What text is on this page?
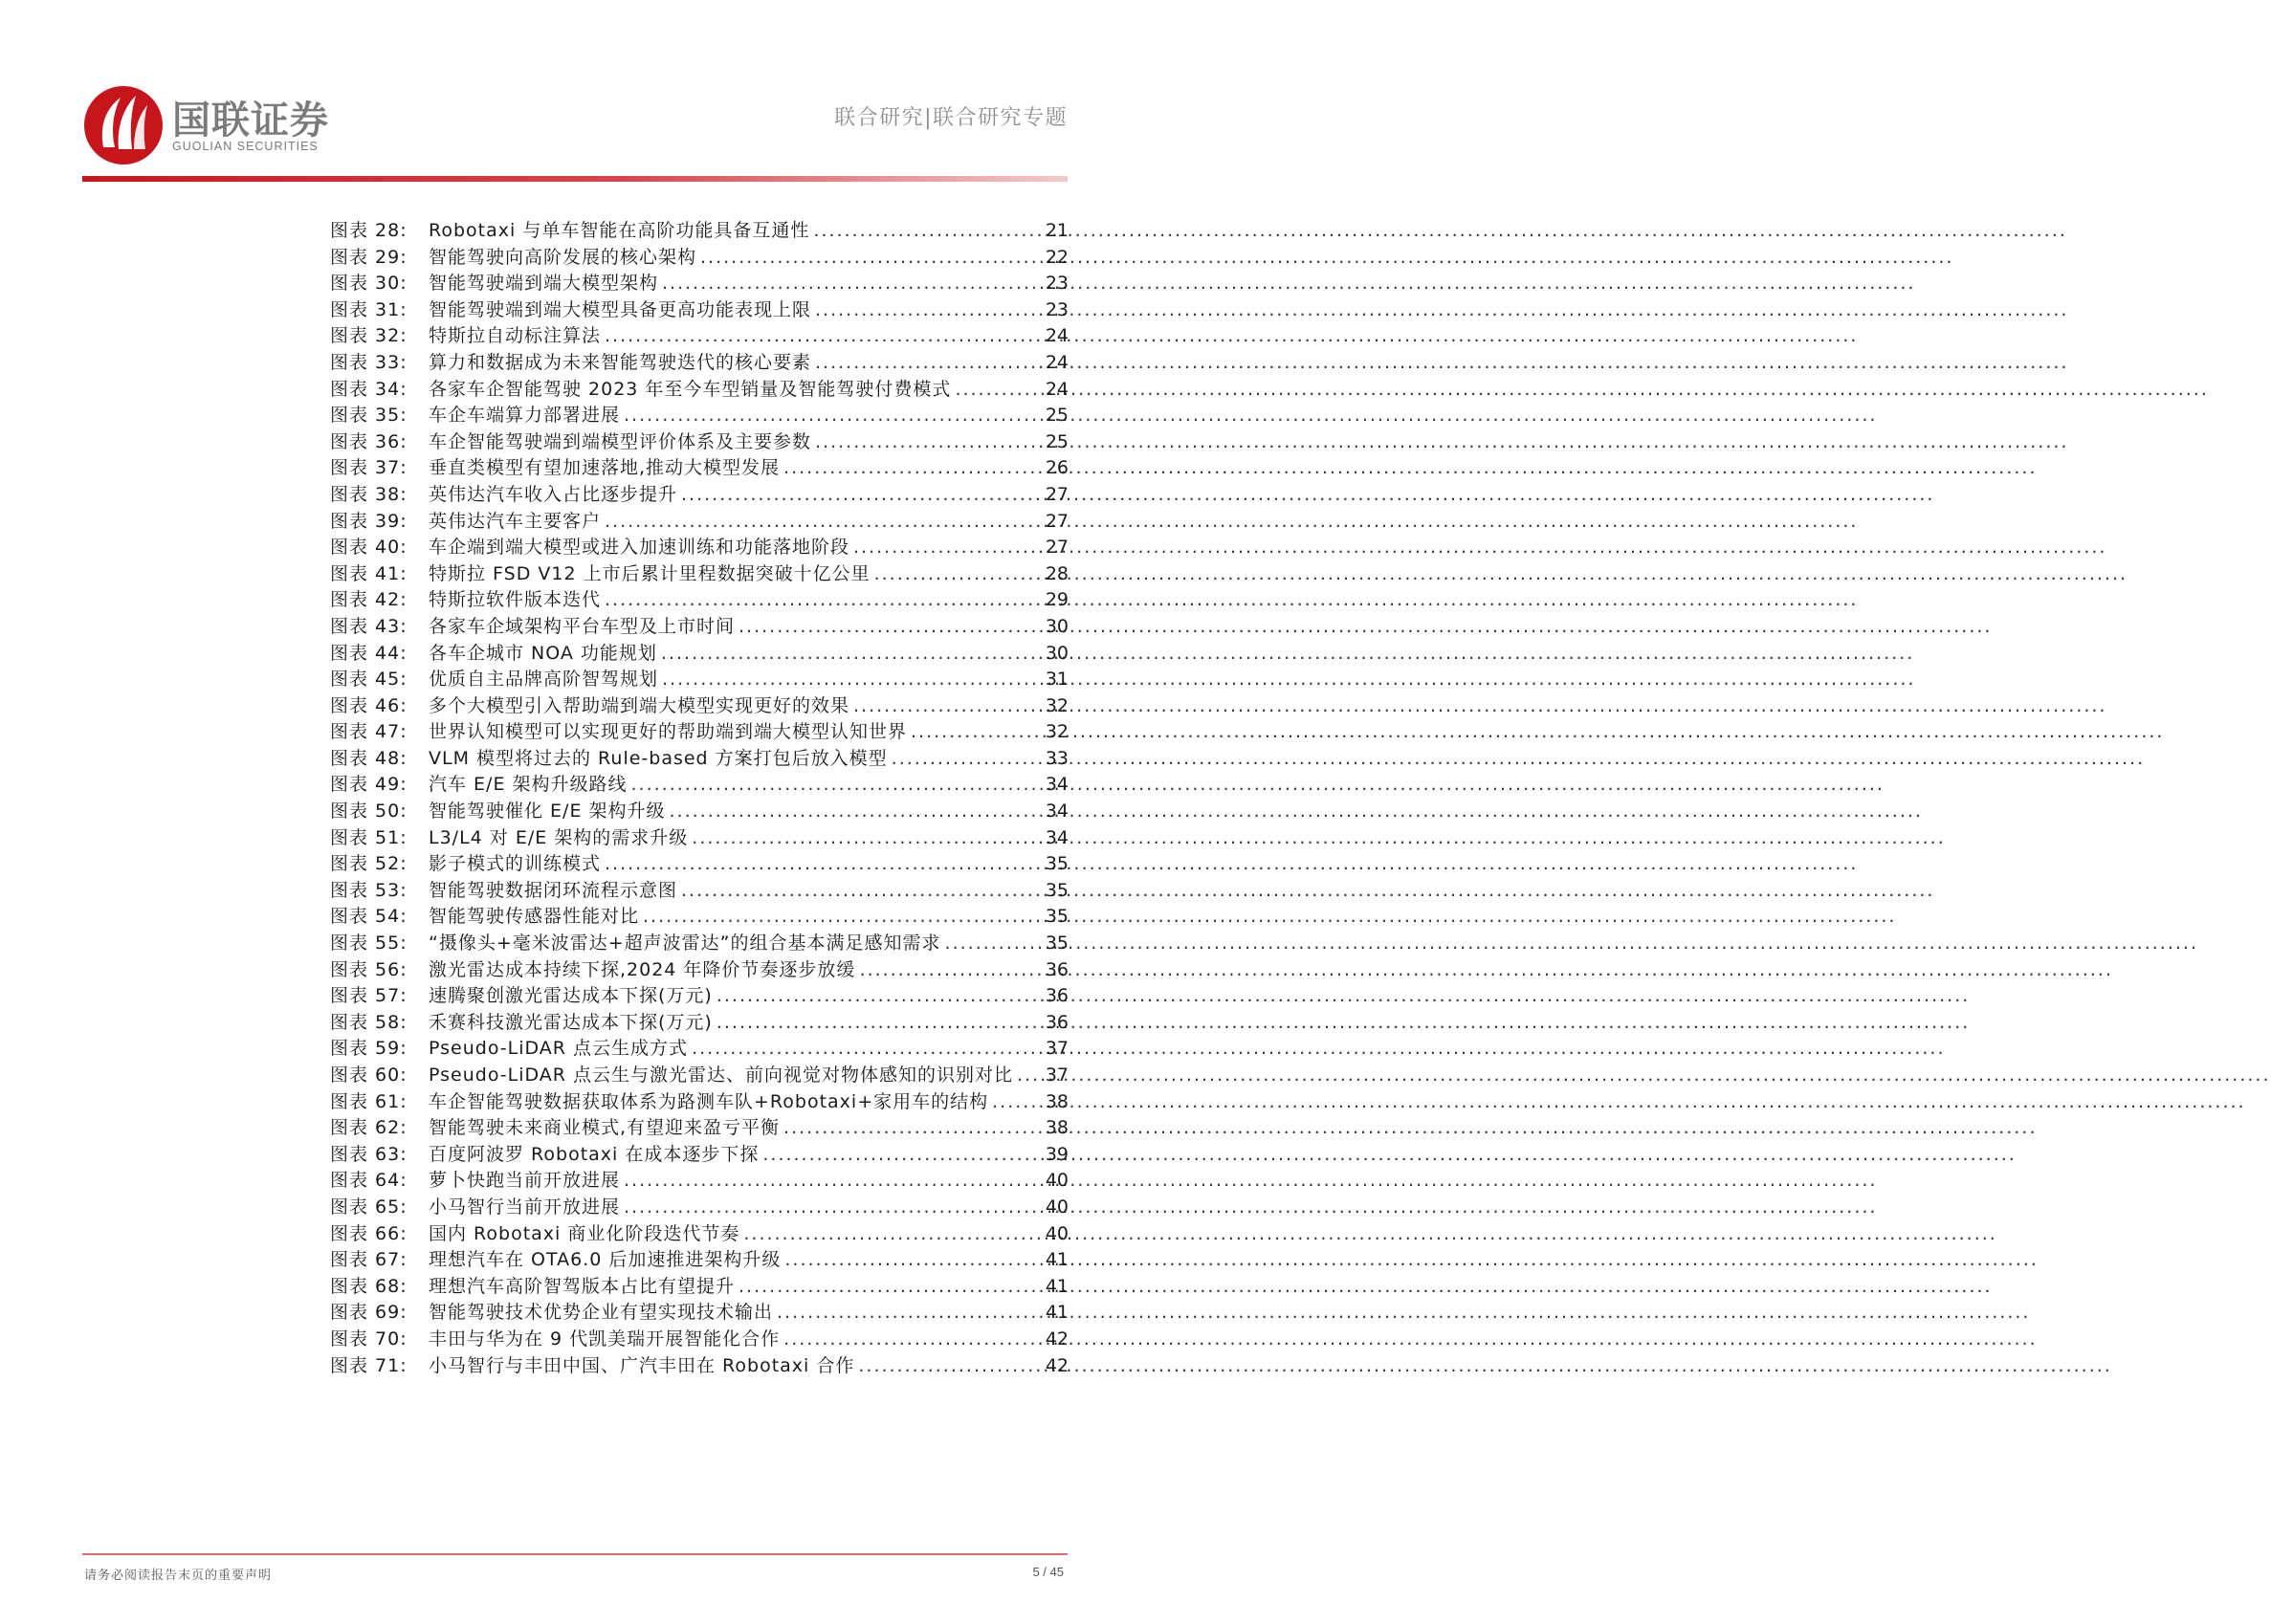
国联证券
GUOLIAN SECURITIES
联合研究|联合研究专题
图表 28:	Robotaxi 与单车智能在高阶功能具备互通性 .....	21
图表 29:	智能驾驶向高阶发展的核心架构 .....	22
图表 30:	智能驾驶端到端大模型架构 .....	23
图表 31:	智能驾驶端到端大模型具备更高功能表现上限 .....	23
图表 32:	特斯拉自动标注算法 .....	24
图表 33:	算力和数据成为未来智能驾驶迭代的核心要素 .....	24
图表 34:	各家车企智能驾驶 2023 年至今车型销量及智能驾驶付费模式 .....	24
图表 35:	车企车端算力部署进展 .....	25
图表 36:	车企智能驾驶端到端模型评价体系及主要参数 .....	25
图表 37:	垂直类模型有望加速落地,推动大模型发展 .....	26
图表 38:	英伟达汽车收入占比逐步提升 .....	27
图表 39:	英伟达汽车主要客户 .....	27
图表 40:	车企端到端大模型或进入加速训练和功能落地阶段 .....	27
图表 41:	特斯拉 FSD V12 上市后累计里程数据突破十亿公里 .....	28
图表 42:	特斯拉软件版本迭代 .....	29
图表 43:	各家车企域架构平台车型及上市时间 .....	30
图表 44:	各车企城市 NOA 功能规划 .....	30
图表 45:	优质自主品牌高阶智驾规划 .....	31
图表 46:	多个大模型引入帮助端到端大模型实现更好的效果 .....	32
图表 47:	世界认知模型可以实现更好的帮助端到端大模型认知世界 .....	32
图表 48:	VLM 模型将过去的 Rule-based 方案打包后放入模型 .....	33
图表 49:	汽车 E/E 架构升级路线 .....	34
图表 50:	智能驾驶催化 E/E 架构升级 .....	34
图表 51:	L3/L4 对 E/E 架构的需求升级 .....	34
图表 52:	影子模式的训练模式 .....	35
图表 53:	智能驾驶数据闭环流程示意图 .....	35
图表 54:	智能驾驶传感器性能对比 .....	35
图表 55:	“摄像头+毫米波雷达+超声波雷达”的组合基本满足感知需求 .....	35
图表 56:	激光雷达成本持续下探,2024 年降价节奏逐步放缓 .....	36
图表 57:	速腾聚创激光雷达成本下探(万元) .....	36
图表 58:	禾赛科技激光雷达成本下探(万元) .....	36
图表 59:	Pseudo-LiDAR 点云生成方式 .....	37
图表 60:	Pseudo-LiDAR 点云生与激光雷达、前向视觉对物体感知的识别对比 ..... 37
图表 61:	车企智能驾驶数据获取体系为路测车队+Robotaxi+家用车的结构 .....	38
图表 62:	智能驾驶未来商业模式,有望迎来盈亏平衡 .....	38
图表 63:	百度阿波罗 Robotaxi 在成本逐步下探 .....	39
图表 64:	萝卜快跑当前开放进展 .....	40
图表 65:	小马智行当前开放进展 .....	40
图表 66:	国内 Robotaxi 商业化阶段迭代节奏 .....	40
图表 67:	理想汽车在 OTA6.0 后加速推进架构升级 .....	41
图表 68:	理想汽车高阶智驾版本占比有望提升 .....	41
图表 69:	智能驾驶技术优势企业有望实现技术输出 .....	41
图表 70:	丰田与华为在 9 代凯美瑞开展智能化合作 .....	42
图表 71:	小马智行与丰田中国、广汽丰田在 Robotaxi 合作 .....	42
请务必阅读报告末页的重要声明	5 / 45
